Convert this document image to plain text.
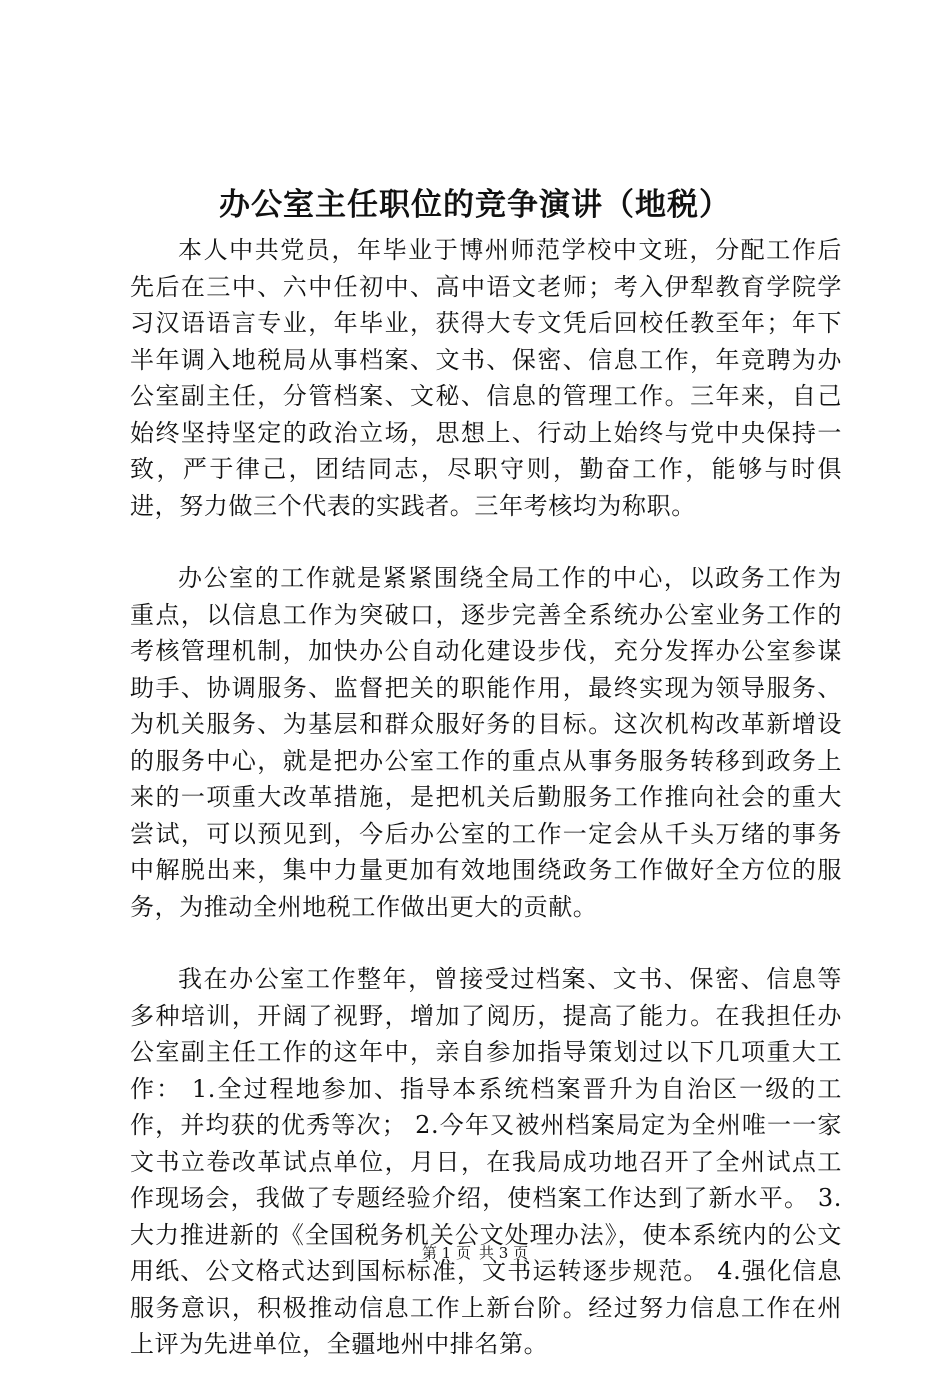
办公室主任职位的竞争演讲（地税）

本人中共党员，年毕业于博州师范学校中文班，分配工作后先后在三中、六中任初中、高中语文老师；考入伊犁教育学院学习汉语语言专业，年毕业，获得大专文凭后回校任教至年；年下半年调入地税局从事档案、文书、保密、信息工作，年竞聘为办公室副主任，分管档案、文秘、信息的管理工作。三年来，自己始终坚持坚定的政治立场，思想上、行动上始终与党中央保持一致，严于律己，团结同志，尽职守则，勤奋工作，能够与时俱进，努力做三个代表的实践者。三年考核均为称职。

办公室的工作就是紧紧围绕全局工作的中心，以政务工作为重点，以信息工作为突破口，逐步完善全系统办公室业务工作的考核管理机制，加快办公自动化建设步伐，充分发挥办公室参谋助手、协调服务、监督把关的职能作用，最终实现为领导服务、为机关服务、为基层和群众服好务的目标。这次机构改革新增设的服务中心，就是把办公室工作的重点从事务服务转移到政务上来的一项重大改革措施，是把机关后勤服务工作推向社会的重大尝试，可以预见到，今后办公室的工作一定会从千头万绪的事务中解脱出来，集中力量更加有效地围绕政务工作做好全方位的服务，为推动全州地税工作做出更大的贡献。

我在办公室工作整年，曾接受过档案、文书、保密、信息等多种培训，开阔了视野，增加了阅历，提高了能力。在我担任办公室副主任工作的这年中，亲自参加指导策划过以下几项重大工作： 1.全过程地参加、指导本系统档案晋升为自治区一级的工作，并均获的优秀等次； 2.今年又被州档案局定为全州唯一一家文书立卷改革试点单位，月日，在我局成功地召开了全州试点工作现场会，我做了专题经验介绍，使档案工作达到了新水平。 3.大力推进新的《全国税务机关公文处理办法》，使本系统内的公文用纸、公文格式达到国标标准，文书运转逐步规范。 4.强化信息服务意识，积极推动信息工作上新台阶。经过努力信息工作在州上评为先进单位，全疆地州中排名第。

第 1 页 共 3 页
